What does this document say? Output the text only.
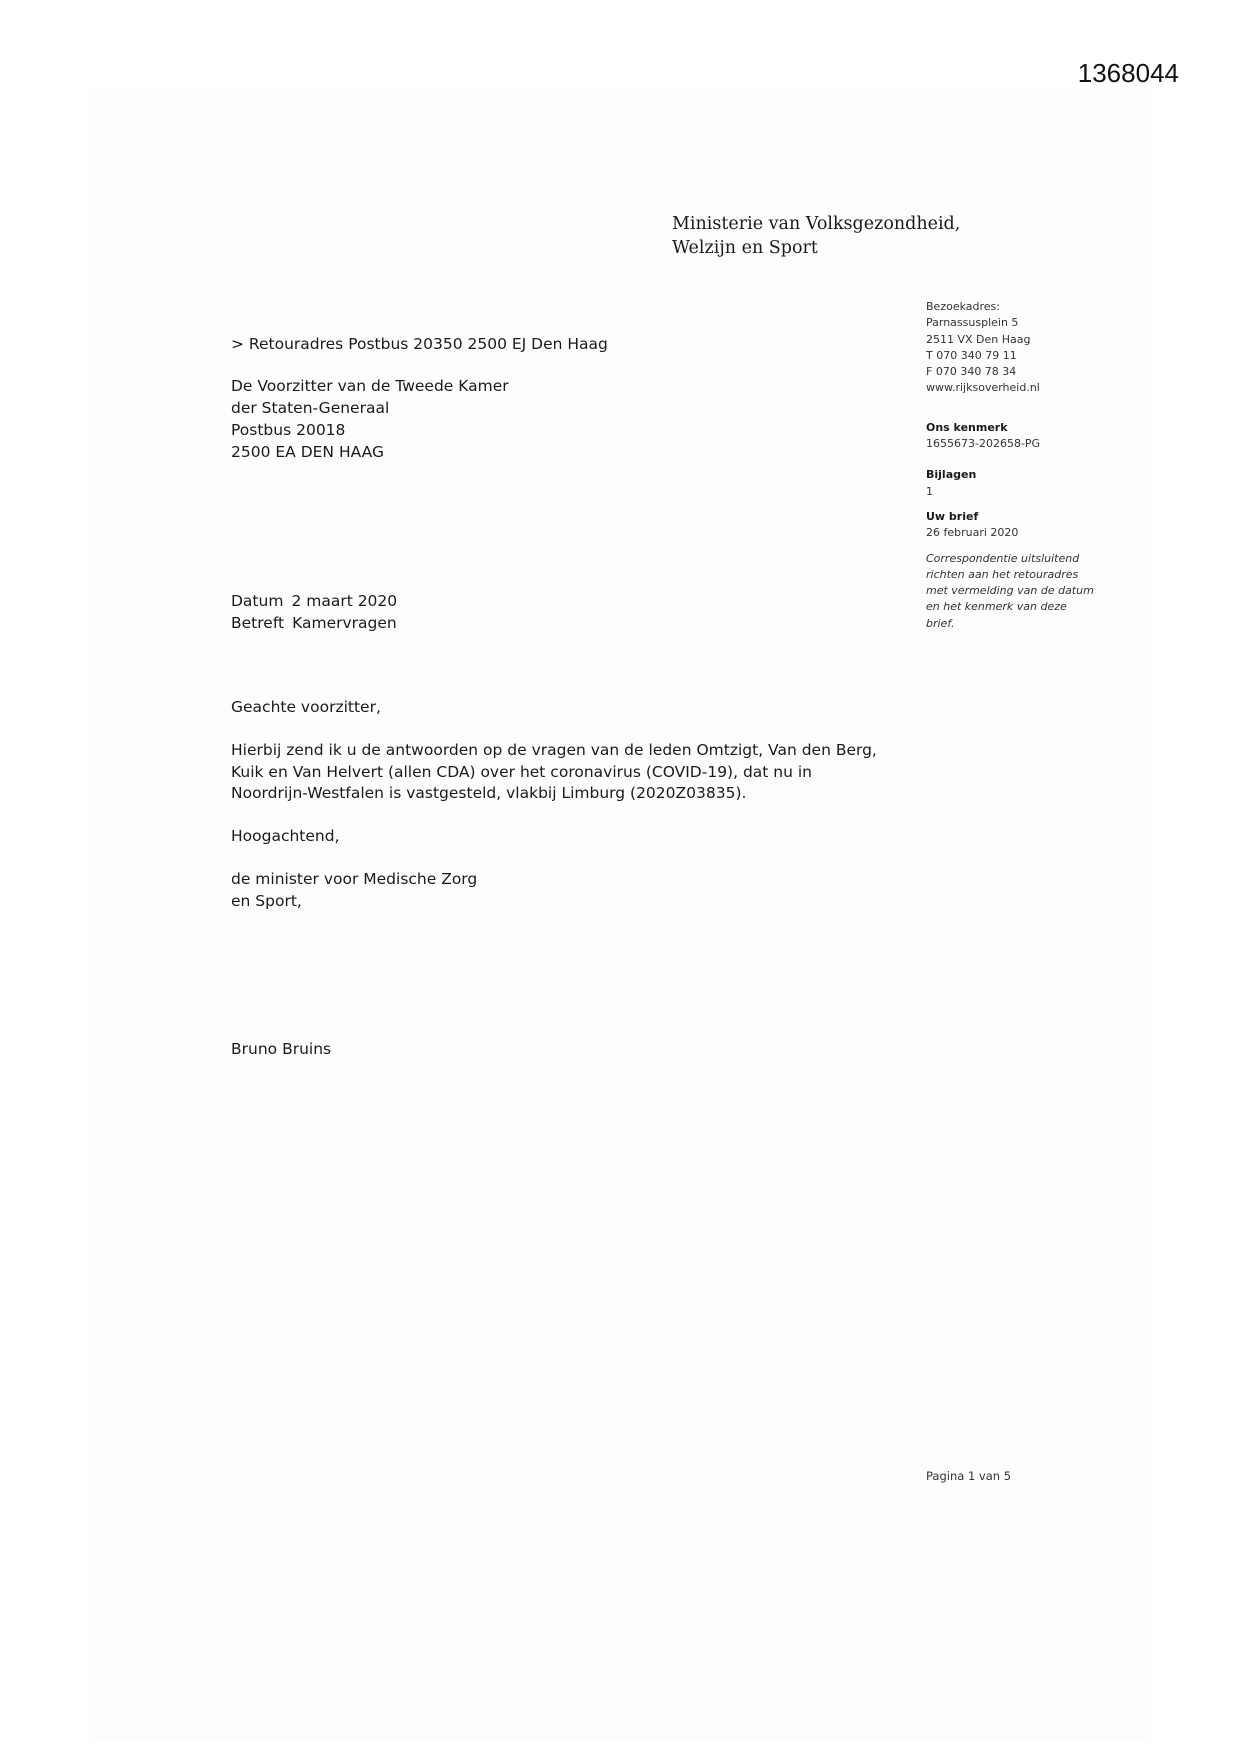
1368044
Ministerie van Volksgezondheid,
Welzijn en Sport
Bezoekadres:
Parnassusplein 5
2511 VX Den Haag
T 070 340 79 11
F 070 340 78 34
www.rijksoverheid.nl
Ons kenmerk
1655673-202658-PG
Bijlagen
1
Uw brief
26 februari 2020
Correspondentie uitsluitend
richten aan het retouradres
met vermelding van de datum
en het kenmerk van deze
brief.
> Retouradres Postbus 20350 2500 EJ Den Haag
De Voorzitter van de Tweede Kamer
der Staten-Generaal
Postbus 20018
2500 EA DEN HAAG
Datum 2 maart 2020
Betreft Kamervragen

Geachte voorzitter,

Hierbij zend ik u de antwoorden op de vragen van de leden Omtzigt, Van den Berg,
Kuik en Van Helvert (allen CDA) over het coronavirus (COVID-19), dat nu in
Noordrijn-Westfalen is vastgesteld, vlakbij Limburg (2020Z03835).

Hoogachtend,

de minister voor Medische Zorg
en Sport,
Bruno Bruins
Pagina 1 van 5
